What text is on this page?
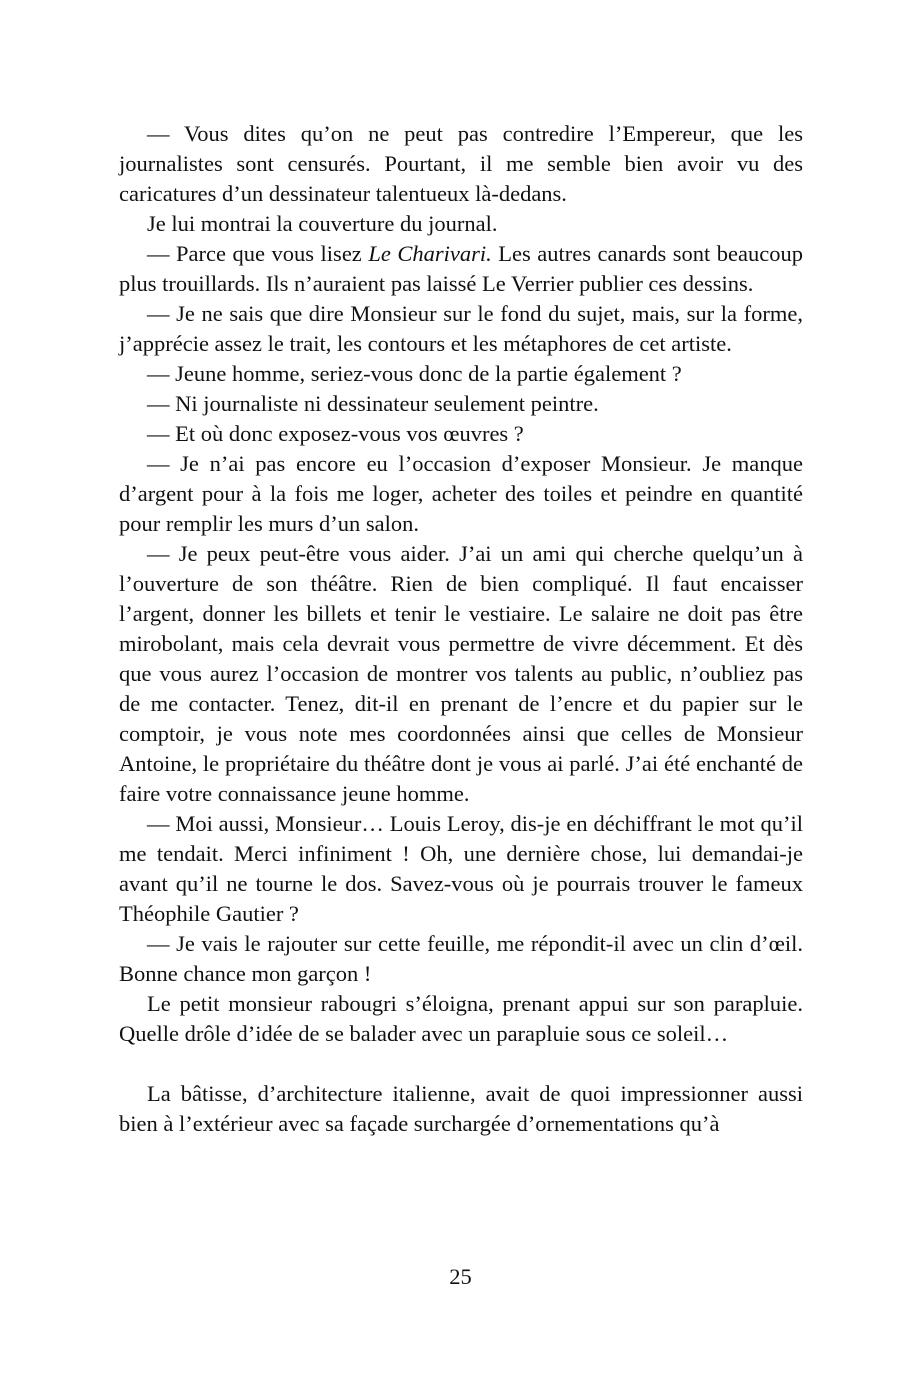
— Vous dites qu’on ne peut pas contredire l’Empereur, que les journalistes sont censurés. Pourtant, il me semble bien avoir vu des caricatures d’un dessinateur talentueux là-dedans.

Je lui montrai la couverture du journal.

— Parce que vous lisez Le Charivari. Les autres canards sont beaucoup plus trouillards. Ils n’auraient pas laissé Le Verrier publier ces dessins.

— Je ne sais que dire Monsieur sur le fond du sujet, mais, sur la forme, j’apprécie assez le trait, les contours et les métaphores de cet artiste.

— Jeune homme, seriez-vous donc de la partie également ?

— Ni journaliste ni dessinateur seulement peintre.

— Et où donc exposez-vous vos œuvres ?

— Je n’ai pas encore eu l’occasion d’exposer Monsieur. Je manque d’argent pour à la fois me loger, acheter des toiles et peindre en quantité pour remplir les murs d’un salon.

— Je peux peut-être vous aider. J’ai un ami qui cherche quelqu’un à l’ouverture de son théâtre. Rien de bien compliqué. Il faut encaisser l’argent, donner les billets et tenir le vestiaire. Le salaire ne doit pas être mirobolant, mais cela devrait vous permettre de vivre décemment. Et dès que vous aurez l’occasion de montrer vos talents au public, n’oubliez pas de me contacter. Tenez, dit-il en prenant de l’encre et du papier sur le comptoir, je vous note mes coordonnées ainsi que celles de Monsieur Antoine, le propriétaire du théâtre dont je vous ai parlé. J’ai été enchanté de faire votre connaissance jeune homme.

— Moi aussi, Monsieur… Louis Leroy, dis-je en déchiffrant le mot qu’il me tendait. Merci infiniment ! Oh, une dernière chose, lui demandai-je avant qu’il ne tourne le dos. Savez-vous où je pourrais trouver le fameux Théophile Gautier ?

— Je vais le rajouter sur cette feuille, me répondit-il avec un clin d’œil. Bonne chance mon garçon !

Le petit monsieur rabougri s’éloigna, prenant appui sur son parapluie. Quelle drôle d’idée de se balader avec un parapluie sous ce soleil…

La bâtisse, d’architecture italienne, avait de quoi impressionner aussi bien à l’extérieur avec sa façade surchargée d’ornementations qu’à

25
